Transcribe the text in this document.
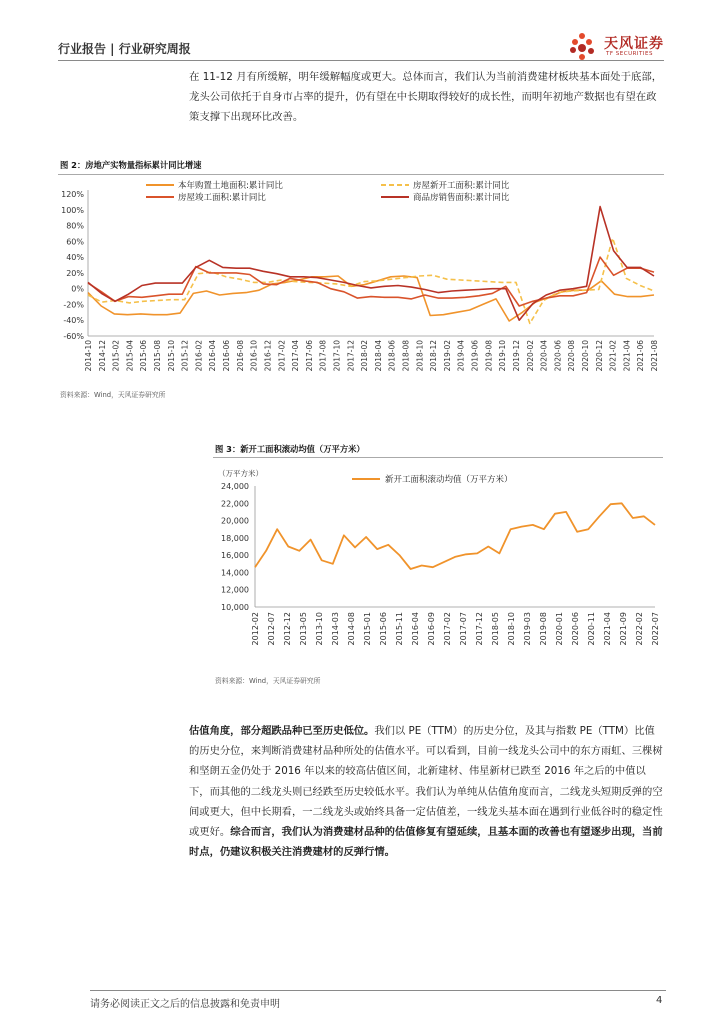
行业报告 | 行业研究周报	天风证券
TF SECURITIES
在 11-12 月有所缓解，明年缓解幅度或更大。总体而言，我们认为当前消费建材板块基本面处于底部，龙头公司依托于自身市占率的提升，仍有望在中长期取得较好的成长性，而明年初地产数据也有望在政策支撑下出现环比改善。
图 2：房地产实物量指标累计同比增速
120%
100%
80%
60%
40%
20%
0%
-20%
-40%
-60%
2014-10 2014-12 2015-02 2015-04 2015-06 2015-08 2015-10 2015-12 2016-02 2016-04 2016-06 2016-08 2016-10 2016-12 2017-02 2017-04 2017-06 2017-08 2017-10 2017-12 2018-02 2018-04 2018-06 2018-08 2018-10 2018-12 2019-02 2019-04 2019-06 2019-08 2019-10 2019-12 2020-02 2020-04 2020-06 2020-08 2020-10 2020-12 2021-02 2021-04 2021-06 2021-08
本年购置土地面积:累计同比	房屋新开工面积:累计同比
房屋竣工面积:累计同比	商品房销售面积:累计同比
资料来源：Wind，天风证券研究所
图 3：新开工面积滚动均值（万平方米）
（万平方米）
24,000
22,000
20,000
18,000
16,000
14,000
12,000
10,000
2012-02 2012-07 2012-12 2013-05 2013-10 2014-03 2014-08 2015-01 2015-06 2015-11 2016-04 2016-09 2017-02 2017-07 2017-12 2018-05 2018-10 2019-03 2019-08 2020-01 2020-06 2020-11 2021-04 2021-09 2022-02 2022-07
新开工面积滚动均值（万平方米）
资料来源：Wind，天风证券研究所
估值角度，部分超跌品种已至历史低位。我们以 PE（TTM）的历史分位，及其与指数 PE（TTM）比值的历史分位，来判断消费建材品种所处的估值水平。可以看到，目前一线龙头公司中的东方雨虹、三棵树和坚朗五金仍处于 2016 年以来的较高估值区间，北新建材、伟星新材已跌至 2016 年之后的中值以下，而其他的二线龙头则已经跌至历史较低水平。我们认为单纯从估值角度而言，二线龙头短期反弹的空间或更大，但中长期看，一二线龙头或始终具备一定估值差，一线龙头基本面在遇到行业低谷时的稳定性或更好。综合而言，我们认为消费建材品种的估值修复有望延续，且基本面的改善也有望逐步出现，当前时点，仍建议积极关注消费建材的反弹行情。
请务必阅读正文之后的信息披露和免责申明	4
